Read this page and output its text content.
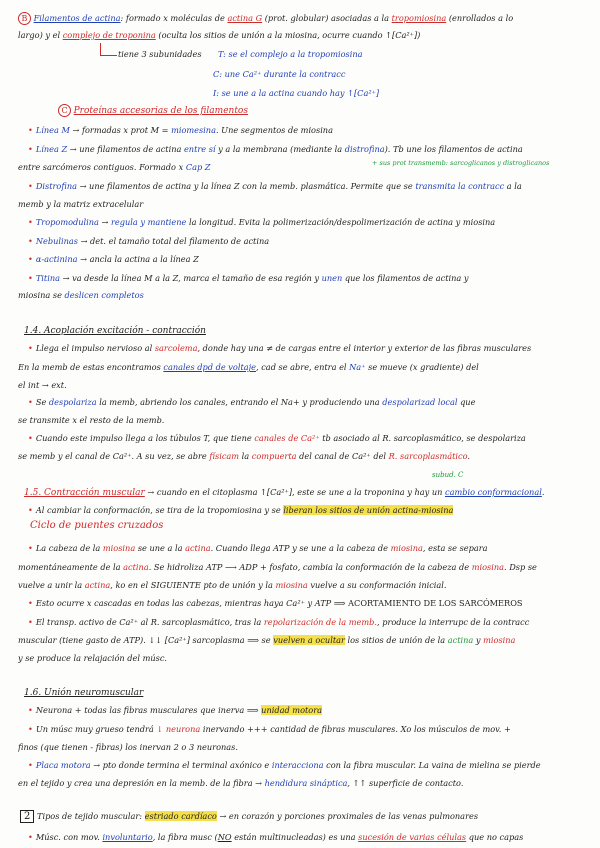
B Filamentos de actina: formado x moléculas de actina G (prot. globular) asociadas a la tropomiosina (enrollados a lo
largo) y el complejo de troponina (oculta los sitios de unión a la miosina, ocurre cuando ↑[Ca²⁺])
tiene 3 subunidades	T: se el complejo a la tropomiosina
C: une Ca²⁺ durante la contracc
I: se une a la actina cuando hay ↑[Ca²⁺]
C Proteínas accesorias de los filamentos
• Línea M → formadas x prot M = miomesina. Une segmentos de miosina
• Línea Z → une filamentos de actina entre sí y a la membrana (mediante la distrofina). Tb une los filamentos de actina
entre sarcómeros contiguos. Formado x Cap Z	+ sus prot transmemb: sarcoglicanos y distroglicanos
• Distrofina → une filamentos de actina y la línea Z con la memb. plasmática. Permite que se transmita la contracc a la
memb y la matriz extracelular
• Tropomodulina → regula y mantiene la longitud. Evita la polimerización/despolimerización de actina y miosina
• Nebulinas → det. el tamaño total del filamento de actina
• α-actinina → ancla la actina a la línea Z
• Titina → va desde la línea M a la Z, marca el tamaño de esa región y unen que los filamentos de actina y
miosina se deslicen completos
1.4. Acoplación excitación - contracción
• Llega el impulso nervioso al sarcolema, donde hay una ≠ de cargas entre el interior y exterior de las fibras musculares
En la memb de estas encontramos canales dpd de voltaje, cad se abre, entra el Na⁺ se mueve (x gradiente) del
el int → ext.
• Se despolariza la memb, abriendo los canales, entrando el Na+ y produciendo una despolarizad local que
se transmite x el resto de la memb.
• Cuando este impulso llega a los túbulos T, que tiene canales de Ca²⁺ tb asociado al R. sarcoplasmático, se despolariza
se memb y el canal de Ca²⁺. A su vez, se abre físicam la compuerta del canal de Ca²⁺ del R. sarcoplasmático.
subud. C
1.5. Contracción muscular → cuando en el citoplasma ↑[Ca²⁺], este se une a la troponina y hay un cambio conformacional.
• Al cambiar la conformación, se tira de la tropomiosina y se liberan los sitios de unión actina-miosina
Ciclo de puentes cruzados
• La cabeza de la miosina se une a la actina. Cuando llega ATP y se une a la cabeza de miosina, esta se separa
momentáneamente de la actina. Se hidroliza ATP ⟶ ADP + fosfato, cambia la conformación de la cabeza de miosina. Dsp se
vuelve a unir la actina, ko en el SIGUIENTE pto de unión y la miosina vuelve a su conformación inicial.
• Esto ocurre x cascadas en todas las cabezas, mientras haya Ca²⁺ y ATP ⟹ ACORTAMIENTO DE LOS SARCÓMEROS
• El transp. activo de Ca²⁺ al R. sarcoplasmático, tras la repolarización de la memb., produce la interrupc de la contracc
muscular (tiene gasto de ATP). ↓↓ [Ca²⁺] sarcoplasma ⟹ se vuelven a ocultar los sitios de unión de la actina y miosina
y se produce la relajación del músc.
1.6. Unión neuromuscular
• Neurona + todas las fibras musculares que inerva ⟹ unidad motora
• Un músc muy grueso tendrá ↓ neurona inervando +++ cantidad de fibras musculares. Xo los músculos de mov. +
finos (que tienen - fibras) los inervan 2 o 3 neuronas.
• Placa motora → pto donde termina el terminal axónico e interacciona con la fibra muscular. La vaina de mielina se pierde
en el tejido y crea una depresión en la memb. de la fibra → hendidura sináptica, ↑↑ superficie de contacto.
2 Tipos de tejido muscular: estriado cardíaco → en corazón y porciones proximales de las venas pulmonares
• Músc. con mov. involuntario, la fibra musc (NO están multinucleadas) es una sucesión de varias células que no capas
